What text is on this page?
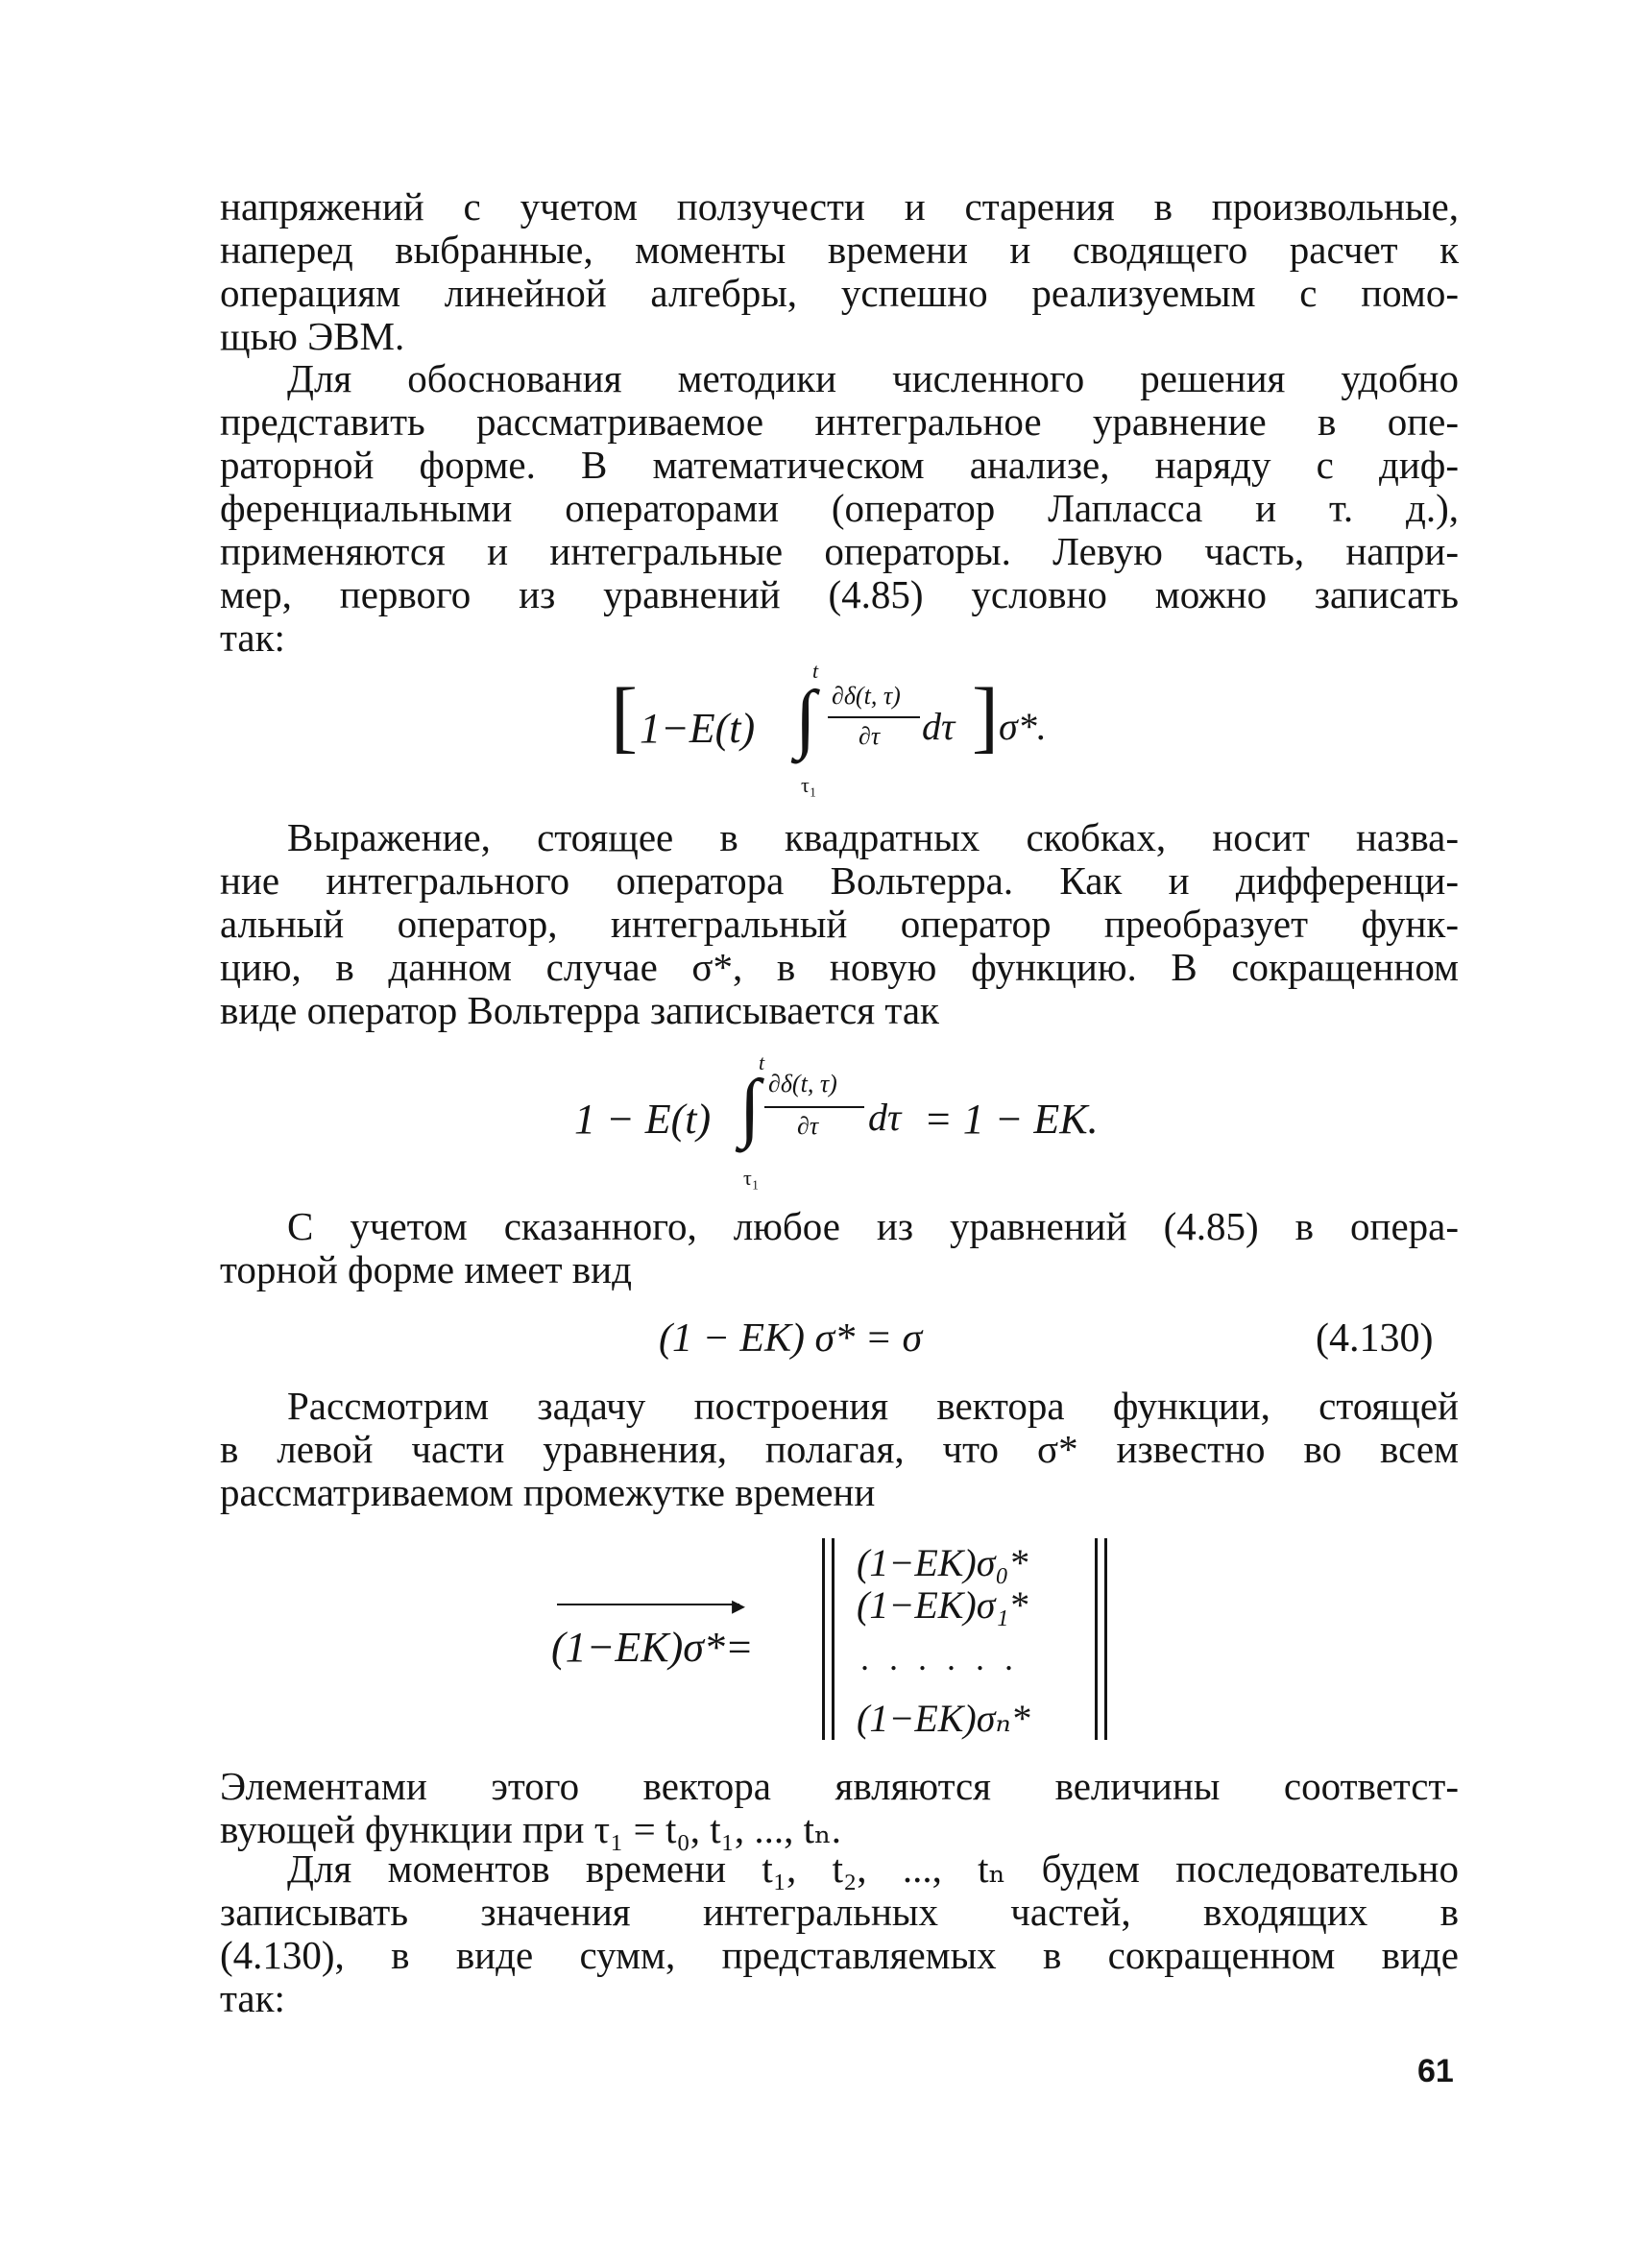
напряжений с учетом ползучести и старения в произвольные,
наперед выбранные, моменты времени и сводящего расчет к
операциям линейной алгебры, успешно реализуемым с помо-
щью ЭВМ.
Для обоснования методики численного решения удобно
представить рассматриваемое интегральное уравнение в опе-
раторной форме. В математическом анализе, наряду с диф-
ференциальными операторами (оператор Лапласса и т. д.),
применяются и интегральные операторы. Левую часть, напри-
мер, первого из уравнений (4.85) условно можно записать
так:
[ 1−E(t) ∫
t
τ₁
∂δ(t, τ)
∂τ dτ ] σ*.
Выражение, стоящее в квадратных скобках, носит назва-
ние интегрального оператора Вольтерра. Как и дифференци-
альный оператор, интегральный оператор преобразует функ-
цию, в данном случае σ*, в новую функцию. В сокращенном
виде оператор Вольтерра записывается так
1 − E(t) ∫
t
τ₁
∂δ(t, τ)
∂τ dτ = 1 − EK.
С учетом сказанного, любое из уравнений (4.85) в опера-
торной форме имеет вид
(1 − EK) σ* = σ	(4.130)
Рассмотрим задачу построения вектора функции, стоящей
в левой части уравнения, полагая, что σ* известно во всем
рассматриваемом промежутке времени
▸
(1−EK)σ*=
(1−EK)σ₀*
(1−EK)σ₁*
. . . . . .
(1−EK)σₙ*
Элементами этого вектора являются величины соответст-
вующей функции при τ₁ = t₀, t₁, ..., tₙ.
Для моментов времени t₁, t₂, ..., tₙ будем последовательно
записывать значения интегральных частей, входящих в
(4.130), в виде сумм, представляемых в сокращенном виде
так:
61
